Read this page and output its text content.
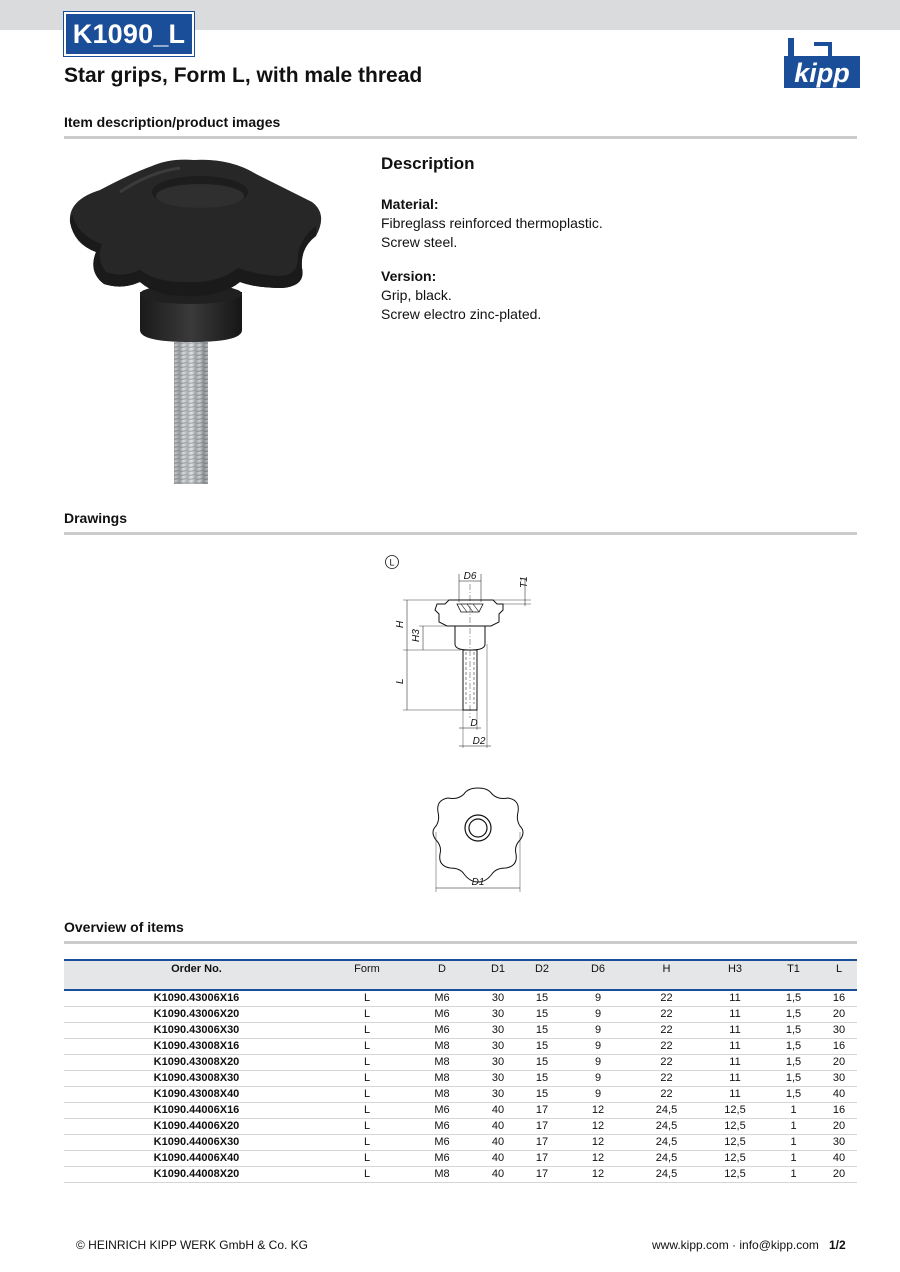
K1090_L
Star grips, Form L, with male thread	kipp
Item description/product images
Description
Material:
Fibreglass reinforced thermoplastic.
Screw steel.
Version:
Grip, black.
Screw electro zinc-plated.
Drawings
L
D6	T1
H
H3
L
D
D2
D1
Overview of items
Order No.	Form	D	D1	D2	D6	H	H3	T1	L
K1090.43006X16	L	M6	30	15	9	22	11	1,5	16
K1090.43006X20	L	M6	30	15	9	22	11	1,5	20
K1090.43006X30	L	M6	30	15	9	22	11	1,5	30
K1090.43008X16	L	M8	30	15	9	22	11	1,5	16
K1090.43008X20	L	M8	30	15	9	22	11	1,5	20
K1090.43008X30	L	M8	30	15	9	22	11	1,5	30
K1090.43008X40	L	M8	30	15	9	22	11	1,5	40
K1090.44006X16	L	M6	40	17	12	24,5	12,5	1	16
K1090.44006X20	L	M6	40	17	12	24,5	12,5	1	20
K1090.44006X30	L	M6	40	17	12	24,5	12,5	1	30
K1090.44006X40	L	M6	40	17	12	24,5	12,5	1	40
K1090.44008X20	L	M8	40	17	12	24,5	12,5	1	20
© HEINRICH KIPP WERK GmbH & Co. KG	www.kipp.com · info@kipp.com 1/2
